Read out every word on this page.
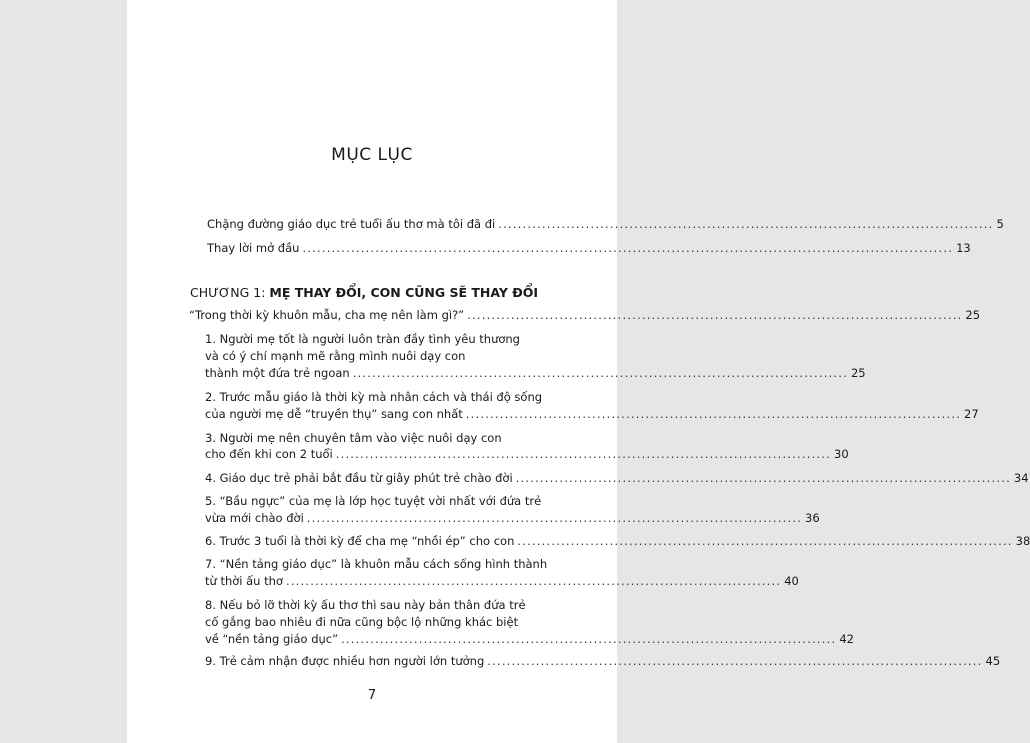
MỤC LỤC
Chặng đường giáo dục trẻ tuổi ấu thơ mà tôi đã đi ...................................................................................................... 5
Thay lời mở đầu ...................................................................................................................................... 13
CHƯƠNG 1: MẸ THAY ĐỔI, CON CŨNG SẼ THAY ĐỔI
“Trong thời kỳ khuôn mẫu, cha mẹ nên làm gì?” ...................................................................................................... 25
1. Người mẹ tốt là người luôn tràn đầy tình yêu thương
và có ý chí mạnh mẽ rằng mình nuôi dạy con
thành một đứa trẻ ngoan ...................................................................................................... 25
2. Trước mẫu giáo là thời kỳ mà nhân cách và thái độ sống
của người mẹ dễ “truyền thụ” sang con nhất ...................................................................................................... 27
3. Người mẹ nên chuyên tâm vào việc nuôi dạy con
cho đến khi con 2 tuổi ...................................................................................................... 30
4. Giáo dục trẻ phải bắt đầu từ giây phút trẻ chào đời ...................................................................................................... 34
5. “Bầu ngực” của mẹ là lớp học tuyệt vời nhất với đứa trẻ
vừa mới chào đời ...................................................................................................... 36
6. Trước 3 tuổi là thời kỳ để cha mẹ “nhồi ép” cho con ...................................................................................................... 38
7. “Nền tảng giáo dục” là khuôn mẫu cách sống hình thành
từ thời ấu thơ ...................................................................................................... 40
8. Nếu bỏ lỡ thời kỳ ấu thơ thì sau này bản thân đứa trẻ
cố gắng bao nhiêu đi nữa cũng bộc lộ những khác biệt
về “nền tảng giáo dục” ...................................................................................................... 42
9. Trẻ cảm nhận được nhiều hơn người lớn tưởng ...................................................................................................... 45
7
